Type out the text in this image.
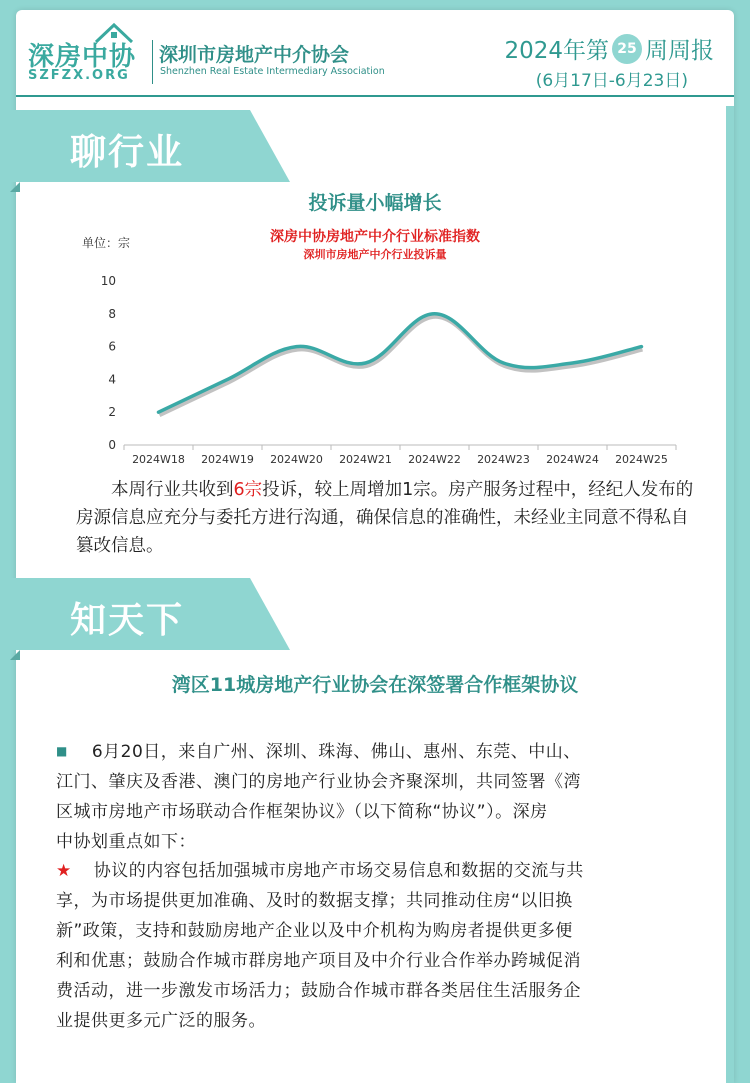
深房中协
SZFZX.ORG
深圳市房地产中介协会
Shenzhen Real Estate Intermediary Association
2024年第 25 周周报
(6月17日-6月23日)
聊行业
投诉量小幅增长
深房中协房地产中介行业标准指数
深圳市房地产中介行业投诉量
单位：宗
0
2
4
6
8
10
2024W18 2024W19 2024W20 2024W21 2024W22 2024W23 2024W24 2024W25
本周行业共收到6宗投诉，较上周增加1宗。房产服务过程中，经纪人发布的房源信息应充分与委托方进行沟通，确保信息的准确性，未经业主同意不得私自篡改信息。
知天下
湾区11城房地产行业协会在深签署合作框架协议
■ 6月20日，来自广州、深圳、珠海、佛山、惠州、东莞、中山、
江门、肇庆及香港、澳门的房地产行业协会齐聚深圳，共同签署《湾
区城市房地产市场联动合作框架协议》（以下简称“协议”）。深房
中协划重点如下：
★ 协议的内容包括加强城市房地产市场交易信息和数据的交流与共
享，为市场提供更加准确、及时的数据支撑；共同推动住房“以旧换
新”政策，支持和鼓励房地产企业以及中介机构为购房者提供更多便
利和优惠；鼓励合作城市群房地产项目及中介行业合作举办跨城促消
费活动，进一步激发市场活力；鼓励合作城市群各类居住生活服务企
业提供更多元广泛的服务。
